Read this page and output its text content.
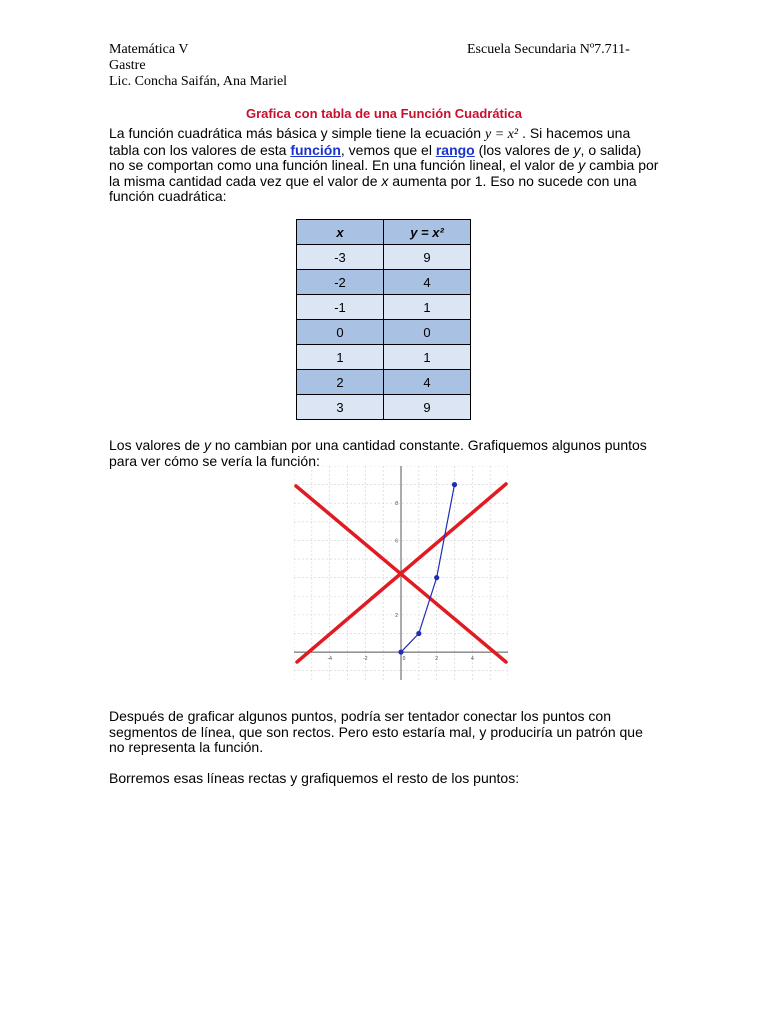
Matemática V
Gastre
Lic. Concha Saifán, Ana Mariel
Escuela Secundaria Nº7.711-
Grafica con tabla de una Función Cuadrática
La función cuadrática más básica y simple tiene la ecuación y = x² . Si hacemos una tabla con los valores de esta función, vemos que el rango (los valores de y, o salida) no se comportan como una función lineal. En una función lineal, el valor de y cambia por la misma cantidad cada vez que el valor de x aumenta por 1. Eso no sucede con una función cuadrática:
x	y = x²
-3	9
-2	4
-1	1
0	0
1	1
2	4
3	9
Los valores de y no cambian por una cantidad constante. Grafiquemos algunos puntos para ver cómo se vería la función:
-4	-2	0	2	4
2
6
8
Después de graficar algunos puntos, podría ser tentador conectar los puntos con segmentos de línea, que son rectos. Pero esto estaría mal, y produciría un patrón que no representa la función.
Borremos esas líneas rectas y grafiquemos el resto de los puntos:
